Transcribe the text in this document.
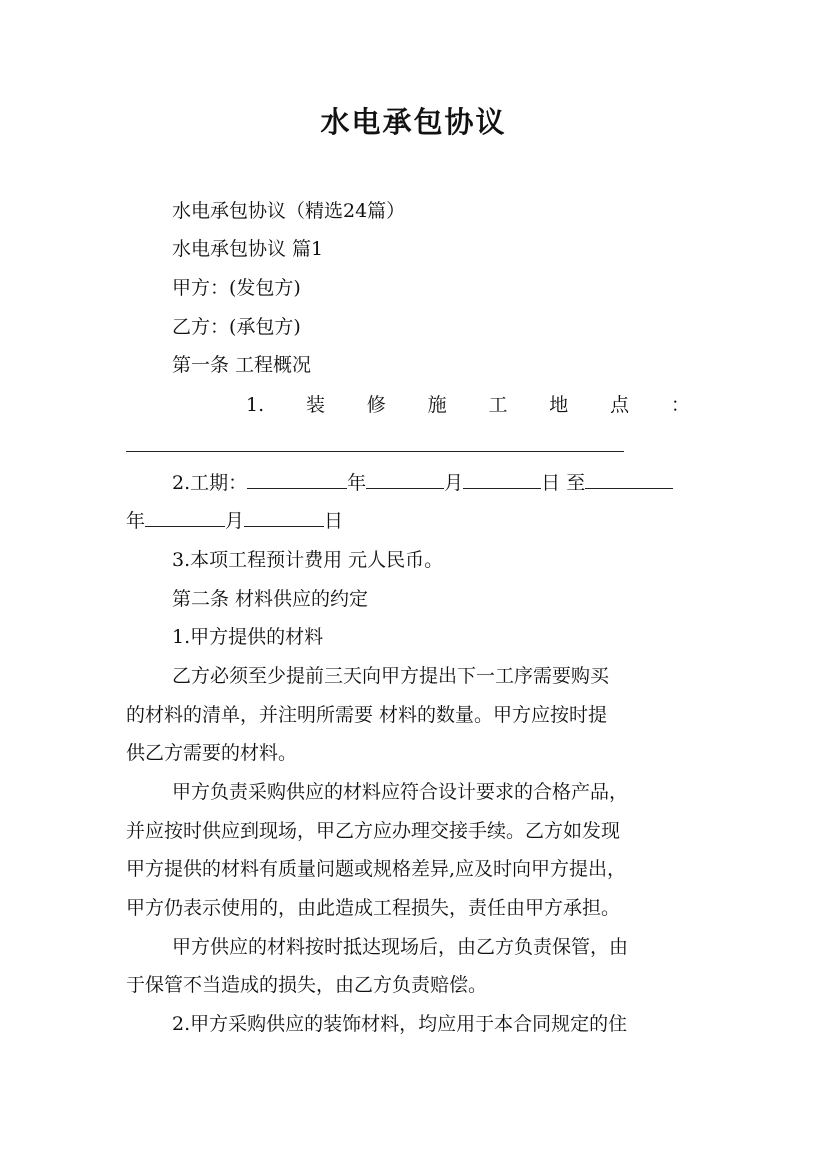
水电承包协议
水电承包协议（精选24篇）
水电承包协议 篇1
甲方：(发包方)
乙方：(承包方)
第一条 工程概况
1. 装 修 施 工 地 点 ：
2.工期：	年	月	日 至
年	月	日
3.本项工程预计费用 元人民币。
第二条 材料供应的约定
1.甲方提供的材料
乙方必须至少提前三天向甲方提出下一工序需要购买
的材料的清单，并注明所需要 材料的数量。甲方应按时提
供乙方需要的材料。
甲方负责采购供应的材料应符合设计要求的合格产品，
并应按时供应到现场，甲乙方应办理交接手续。乙方如发现
甲方提供的材料有质量问题或规格差异,应及时向甲方提出，
甲方仍表示使用的，由此造成工程损失，责任由甲方承担。
甲方供应的材料按时抵达现场后，由乙方负责保管，由
于保管不当造成的损失，由乙方负责赔偿。
2.甲方采购供应的装饰材料，均应用于本合同规定的住
